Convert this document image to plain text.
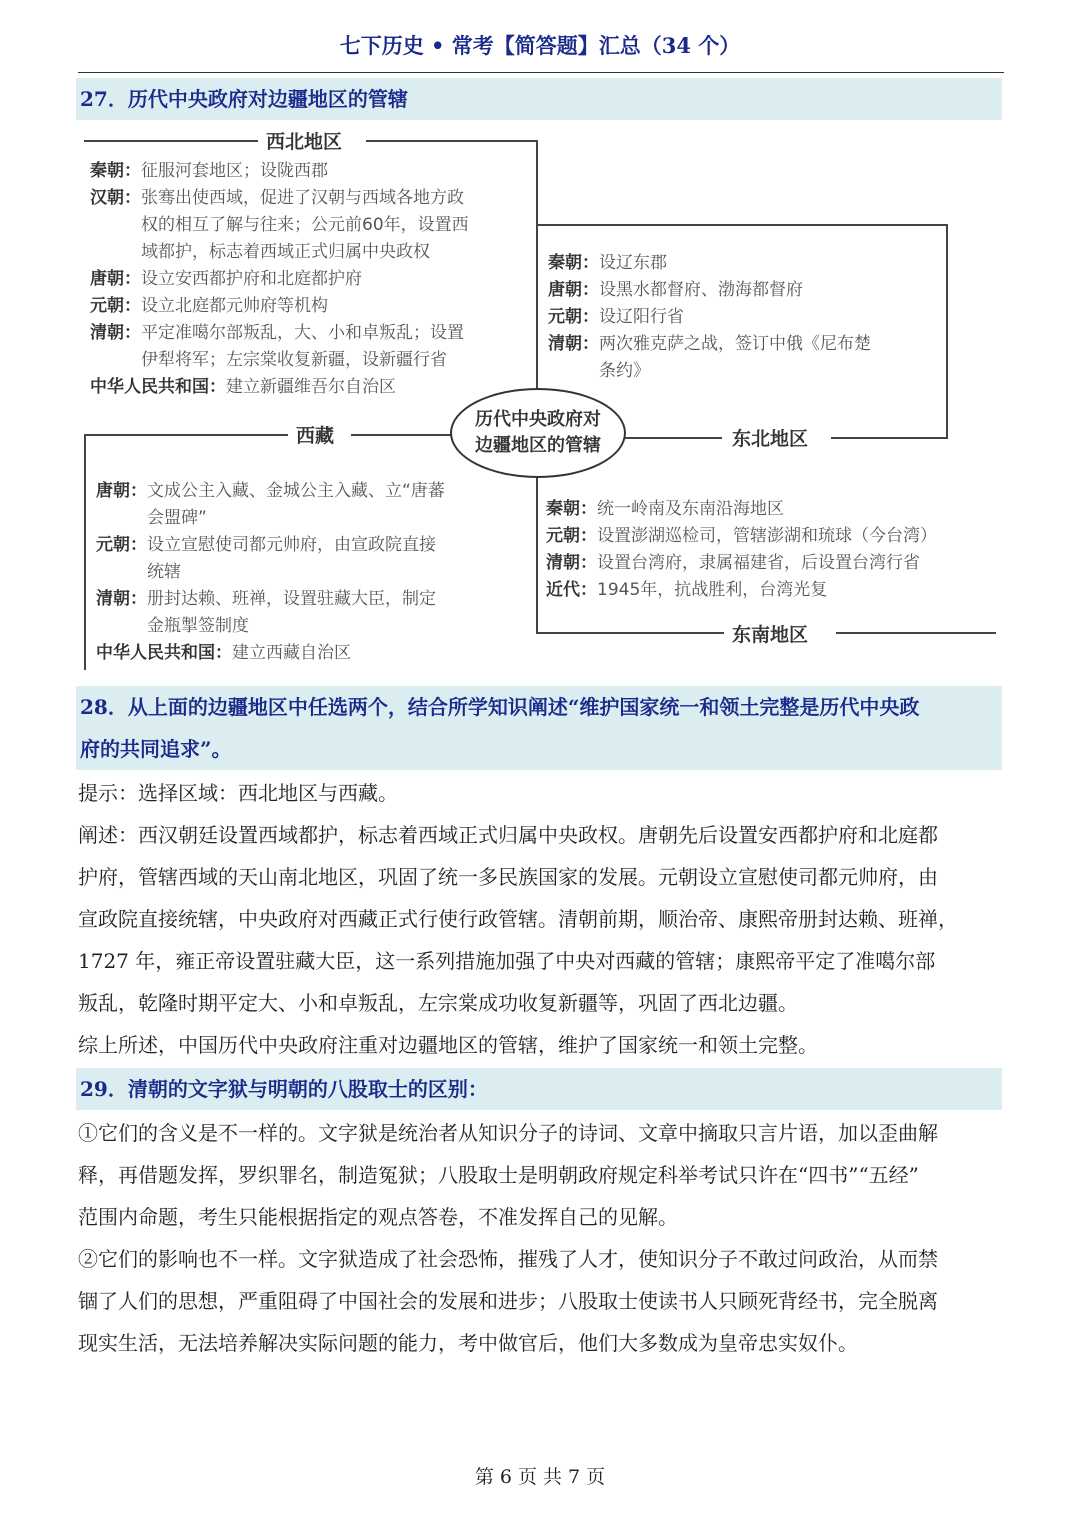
七下历史 • 常考【简答题】汇总（34 个）
27．历代中央政府对边疆地区的管辖
西北地区
东北地区
西藏
东南地区
历代中央政府对
边疆地区的管辖
秦朝：征服河套地区；设陇西郡
汉朝：张骞出使西域，促进了汉朝与西域各地方政
　　　权的相互了解与往来；公元前60年，设置西
　　　域都护，标志着西域正式归属中央政权
唐朝：设立安西都护府和北庭都护府
元朝：设立北庭都元帅府等机构
清朝：平定准噶尔部叛乱，大、小和卓叛乱；设置
　　　伊犁将军；左宗棠收复新疆，设新疆行省
中华人民共和国：建立新疆维吾尔自治区
秦朝：设辽东郡
唐朝：设黑水都督府、渤海都督府
元朝：设辽阳行省
清朝：两次雅克萨之战，签订中俄《尼布楚
　　　条约》
唐朝：文成公主入藏、金城公主入藏、立“唐蕃
　　　会盟碑”
元朝：设立宣慰使司都元帅府，由宣政院直接
　　　统辖
清朝：册封达赖、班禅，设置驻藏大臣，制定
　　　金瓶掣签制度
中华人民共和国：建立西藏自治区
秦朝：统一岭南及东南沿海地区
元朝：设置澎湖巡检司，管辖澎湖和琉球（今台湾）
清朝：设置台湾府，隶属福建省，后设置台湾行省
近代：1945年，抗战胜利，台湾光复
28．从上面的边疆地区中任选两个，结合所学知识阐述“维护国家统一和领土完整是历代中央政
府的共同追求”。

提示：选择区域：西北地区与西藏。

阐述：西汉朝廷设置西域都护，标志着西域正式归属中央政权。唐朝先后设置安西都护府和北庭都

护府，管辖西域的天山南北地区，巩固了统一多民族国家的发展。元朝设立宣慰使司都元帅府，由

宣政院直接统辖，中央政府对西藏正式行使行政管辖。清朝前期，顺治帝、康熙帝册封达赖、班禅，

1727 年，雍正帝设置驻藏大臣，这一系列措施加强了中央对西藏的管辖；康熙帝平定了准噶尔部

叛乱，乾隆时期平定大、小和卓叛乱，左宗棠成功收复新疆等，巩固了西北边疆。

综上所述，中国历代中央政府注重对边疆地区的管辖，维护了国家统一和领土完整。

29．清朝的文字狱与明朝的八股取士的区别：

①它们的含义是不一样的。文字狱是统治者从知识分子的诗词、文章中摘取只言片语，加以歪曲解

释，再借题发挥，罗织罪名，制造冤狱；八股取士是明朝政府规定科举考试只许在“四书”“五经”

范围内命题，考生只能根据指定的观点答卷，不准发挥自己的见解。

②它们的影响也不一样。文字狱造成了社会恐怖，摧残了人才，使知识分子不敢过问政治，从而禁

锢了人们的思想，严重阻碍了中国社会的发展和进步；八股取士使读书人只顾死背经书，完全脱离

现实生活，无法培养解决实际问题的能力，考中做官后，他们大多数成为皇帝忠实奴仆。

第 6 页 共 7 页
